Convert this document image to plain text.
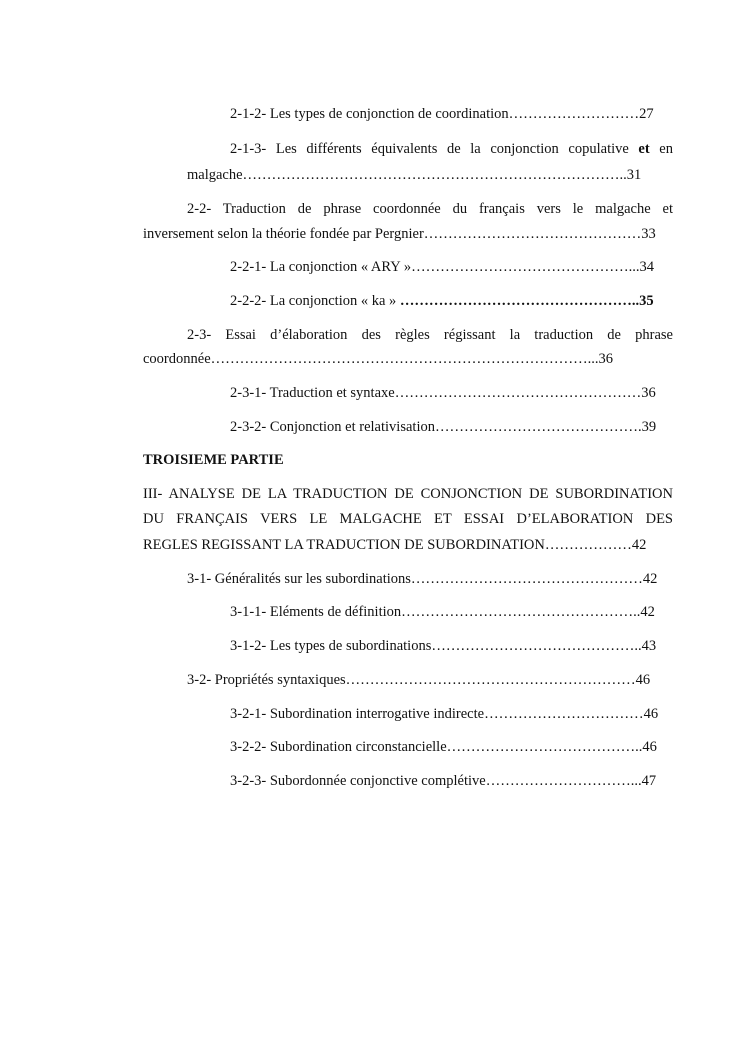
2-1-2- Les types de conjonction de coordination………………………27
2-1-3- Les différents équivalents de la conjonction copulative et en
malgache……………………………………………………………………..31
2-2- Traduction de phrase coordonnée du français vers le malgache et
inversement selon la théorie fondée par Pergnier………………………………………33
2-2-1- La conjonction « ARY »………………………………………...34
2-2-2- La conjonction « ka » …………………………………………..35
2-3- Essai d’élaboration des règles régissant la traduction de phrase
coordonnée……………………………………………………………………...36
2-3-1- Traduction et syntaxe……………………………………………36
2-3-2- Conjonction et relativisation…………………………………….39
TROISIEME PARTIE
III- ANALYSE DE LA TRADUCTION DE CONJONCTION DE SUBORDINATION
DU FRANÇAIS VERS LE MALGACHE ET ESSAI D’ELABORATION DES
REGLES REGISSANT LA TRADUCTION DE SUBORDINATION………………42
3-1- Généralités sur les subordinations…………………………………………42
3-1-1- Eléments de définition…………………………………………..42
3-1-2- Les types de subordinations……………………………………..43
3-2- Propriétés syntaxiques……………………………………………………46
3-2-1- Subordination interrogative indirecte……………………………46
3-2-2- Subordination circonstancielle…………………………………..46
3-2-3- Subordonnée conjonctive complétive…………………………...47
